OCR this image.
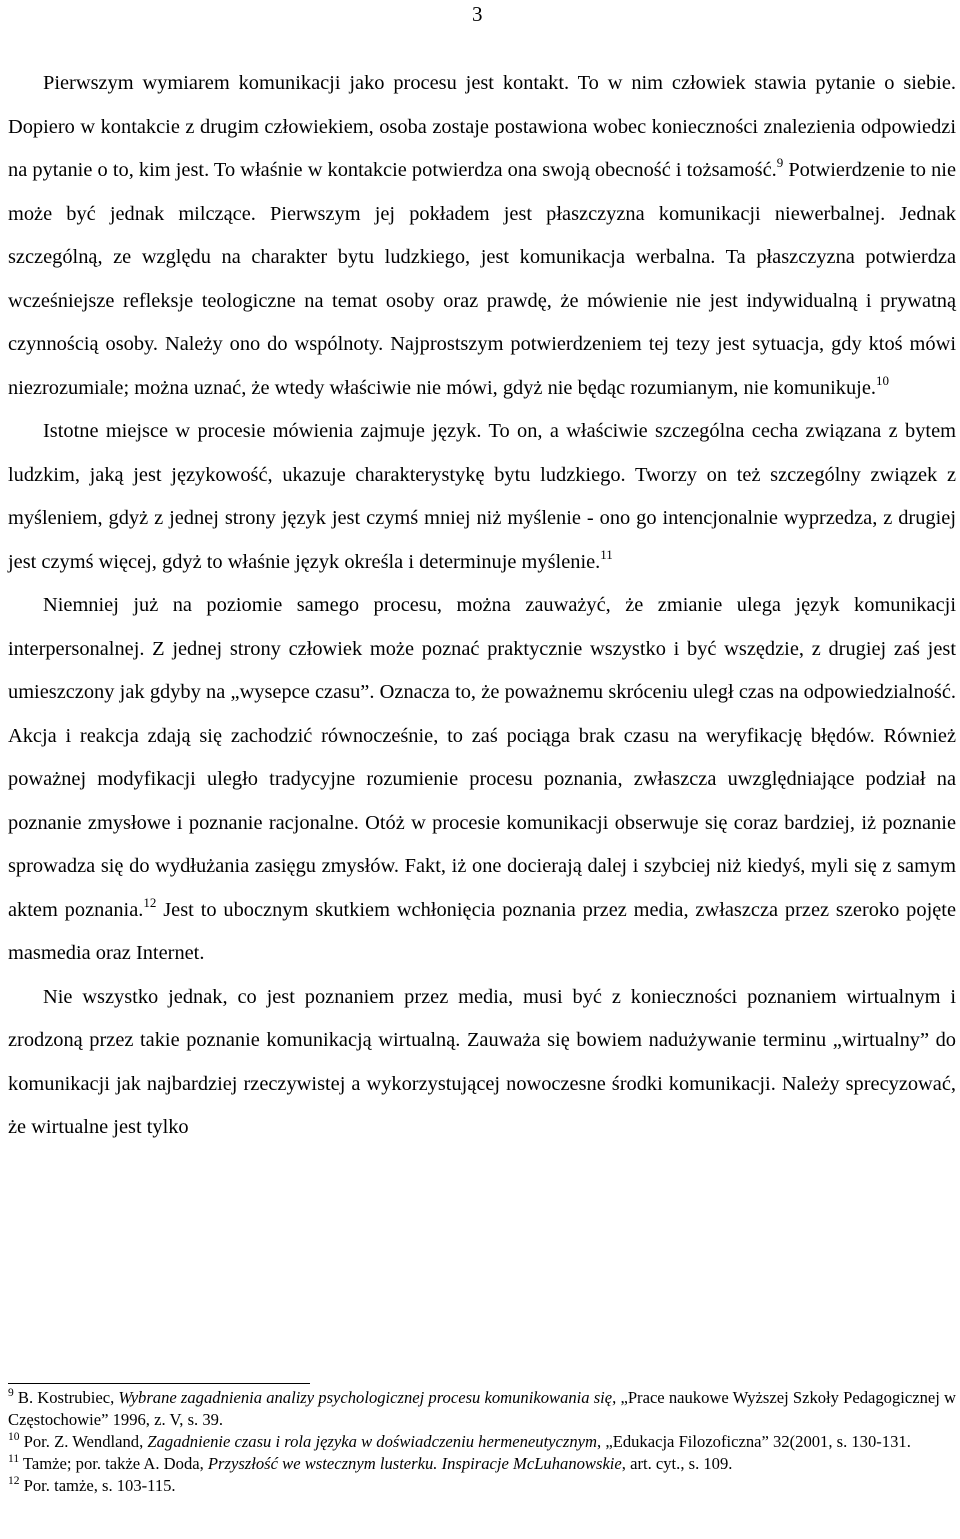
3

Pierwszym wymiarem komunikacji jako procesu jest kontakt. To w nim człowiek stawia pytanie o siebie. Dopiero w kontakcie z drugim człowiekiem, osoba zostaje postawiona wobec konieczności znalezienia odpowiedzi na pytanie o to, kim jest. To właśnie w kontakcie potwierdza ona swoją obecność i tożsamość.$^9$ Potwierdzenie to nie może być jednak milczące. Pierwszym jej pokładem jest płaszczyzna komunikacji niewerbalnej. Jednak szczególną, ze względu na charakter bytu ludzkiego, jest komunikacja werbalna. Ta płaszczyzna potwierdza wcześniejsze refleksje teologiczne na temat osoby oraz prawdę, że mówienie nie jest indywidualną i prywatną czynnością osoby. Należy ono do wspólnoty. Najprostszym potwierdzeniem tej tezy jest sytuacja, gdy ktoś mówi niezrozumiale; można uznać, że wtedy właściwie nie mówi, gdyż nie będąc rozumianym, nie komunikuje.$^{10}$

Istotne miejsce w procesie mówienia zajmuje język. To on, a właściwie szczególna cecha związana z bytem ludzkim, jaką jest językowość, ukazuje charakterystykę bytu ludzkiego. Tworzy on też szczególny związek z myśleniem, gdyż z jednej strony język jest czymś mniej niż myślenie - ono go intencjonalnie wyprzedza, z drugiej jest czymś więcej, gdyż to właśnie język określa i determinuje myślenie.$^{11}$

Niemniej już na poziomie samego procesu, można zauważyć, że zmianie ulega język komunikacji interpersonalnej. Z jednej strony człowiek może poznać praktycznie wszystko i być wszędzie, z drugiej zaś jest umieszczony jak gdyby na „wysepce czasu”. Oznacza to, że poważnemu skróceniu uległ czas na odpowiedzialność. Akcja i reakcja zdają się zachodzić równocześnie, to zaś pociąga brak czasu na weryfikację błędów. Również poważnej modyfikacji uległo tradycyjne rozumienie procesu poznania, zwłaszcza uwzględniające podział na poznanie zmysłowe i poznanie racjonalne. Otóż w procesie komunikacji obserwuje się coraz bardziej, iż poznanie sprowadza się do wydłużania zasięgu zmysłów. Fakt, iż one docierają dalej i szybciej niż kiedyś, myli się z samym aktem poznania.$^{12}$ Jest to ubocznym skutkiem wchłonięcia poznania przez media, zwłaszcza przez szeroko pojęte masmedia oraz Internet.

Nie wszystko jednak, co jest poznaniem przez media, musi być z konieczności poznaniem wirtualnym i zrodzoną przez takie poznanie komunikacją wirtualną. Zauważa się bowiem nadużywanie terminu „wirtualny” do komunikacji jak najbardziej rzeczywistej a wykorzystującej nowoczesne środki komunikacji. Należy sprecyzować, że wirtualne jest tylko

$^9$ B. Kostrubiec, Wybrane zagadnienia analizy psychologicznej procesu komunikowania się, „Prace naukowe Wyższej Szkoły Pedagogicznej w Częstochowie” 1996, z. V, s. 39.

$^{10}$ Por. Z. Wendland, Zagadnienie czasu i rola języka w doświadczeniu hermeneutycznym, „Edukacja Filozoficzna” 32(2001, s. 130-131.

$^{11}$ Tamże; por. także A. Doda, Przyszłość we wstecznym lusterku. Inspiracje McLuhanowskie, art. cyt., s. 109.

$^{12}$ Por. tamże, s. 103-115.
